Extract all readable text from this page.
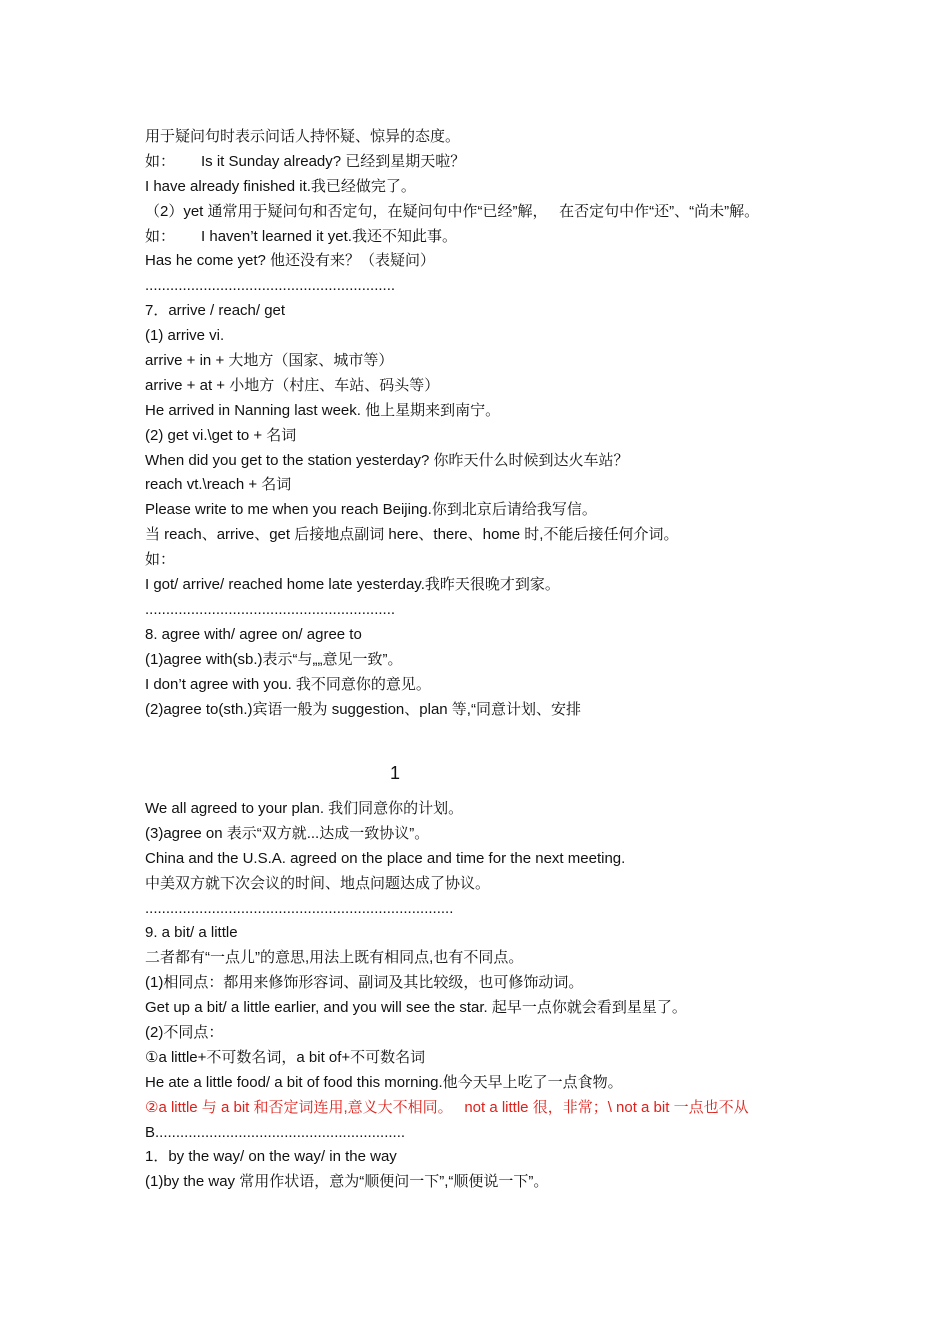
用于疑问句时表示问话人持怀疑、惊异的态度。
如： Is it Sunday already? 已经到星期天啦？
I have already finished it.我已经做完了。
（2）yet 通常用于疑问句和否定句，在疑问句中作“已经”解，　 在否定句中作“还”、“尚未”解。
如： I haven’t learned it yet.我还不知此事。
Has he come yet? 他还没有来？（表疑问）
............................................................
7．arrive / reach/ get
(1) arrive vi.
arrive + in + 大地方（国家、城市等）
arrive + at + 小地方（村庄、车站、码头等）
He arrived in Nanning last week. 他上星期来到南宁。
(2) get vi.\get to + 名词
When did you get to the station yesterday? 你昨天什么时候到达火车站？
reach vt.\reach + 名词
Please write to me when you reach Beijing.你到北京后请给我写信。
当 reach、arrive、get 后接地点副词 here、there、home 时,不能后接任何介词。
如：
I got/ arrive/ reached home late yesterday.我昨天很晚才到家。
............................................................
8. agree with/ agree on/ agree to
(1)agree with(sb.)表示“与„„意见一致”。
I don’t agree with you. 我不同意你的意见。
(2)agree to(sth.)宾语一般为 suggestion、plan 等,“同意计划、安排
1
We all agreed to your plan. 我们同意你的计划。
(3)agree on 表示“双方就...达成一致协议”。
China and the U.S.A. agreed on the place and time for the next meeting.
中美双方就下次会议的时间、地点问题达成了协议。
..........................................................................
9. a bit/ a little
二者都有“一点儿”的意思,用法上既有相同点,也有不同点。
(1)相同点：都用来修饰形容词、副词及其比较级，也可修饰动词。
Get up a bit/ a little earlier, and you will see the star. 起早一点你就会看到星星了。
(2)不同点：
①a little+不可数名词，a bit of+不可数名词
He ate a little food/ a bit of food this morning.他今天早上吃了一点食物。
②a little 与 a bit 和否定词连用,意义大不相同。　 not a little 很，非常；\ not a bit 一点也不从
B............................................................
1．by the way/ on the way/ in the way
(1)by the way 常用作状语，意为“顺便问一下”,“顺便说一下”。
